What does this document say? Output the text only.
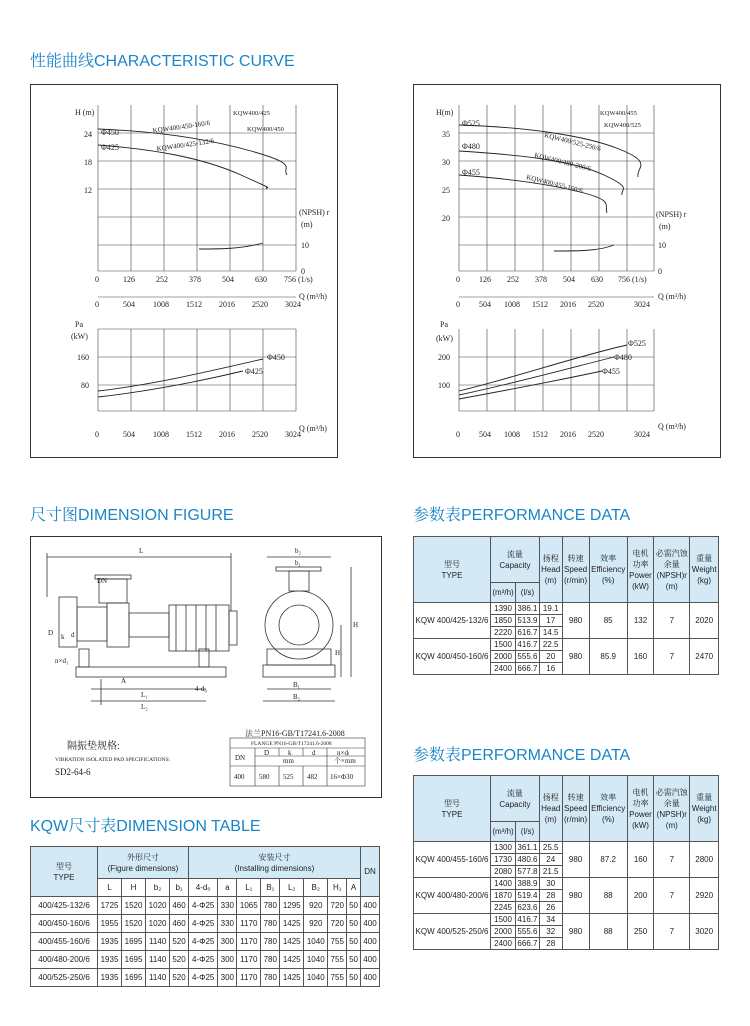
性能曲线CHARACTERISTIC CURVE
尺寸图DIMENSION FIGURE
KQW尺寸表DIMENSION TABLE
参数表PERFORMANCE DATA
参数表PERFORMANCE DATA
H (m)
24
18
12
Φ450
Φ425
KQW400/425
KQW400/450
KQW400/450-160/6
KQW400/425-132/6
(NPSH) r
(m)
10
0
0	126	252	378	504	630 756 (1/s)
0	504 1008 1512 2016 2520 3024
Q (m³/h)
Pa
(kW)
160
80
Φ450
Φ425
0	504 1008 1512 2016 2520 3024
Q (m³/h)
H(m)
35
30
25
20
Φ525
Φ480
Φ455
KQW400/455
KQW400/525
KQW400/525-250/6
KQW400/480-200/6
KQW400/455-160/6
(NPSH) r
(m)
10
0
0 126 252 378 504 630 756 (1/s)
0 504 1008 1512 2016 2520	3024
Q (m³/h)
Pa
(kW)
200
100
Φ525
Φ480
Φ455
0 504 1008 1512 2016 2520	3024
Q (m³/h)
L
DN
D k d
n×d₁
A
L₁
L₂
4-d₀
b₂
b₁
H
H₁
B₁
B₂
隔振垫规格:
VIBRATION ISOLATED PAD SPECIFICATIONS:
SD2-64-6
法兰PN16-GB/T17241.6-2008
FLANGE PN16-GB/T17241.6-2008
DN
D	k	d	n×dₗ
mm	个×mm
400 580 525 482 16×Φ30
型号
TYPE	外形尺寸
(Figure dimensions)				安装尺寸
(Installing dimensions)								DN
	L	H	b₂	b₁	4-d₀	a	L₁	B₁	L₂	B₂	H₁	A	
400/425-132/6	1725	1520	1020	460	4-Φ25	330	1065	780	1295	920	720	50	400
400/450-160/6	1955	1520	1020	460	4-Φ25	330	1170	780	1425	920	720	50	400
400/455-160/6	1935	1695	1140	520	4-Φ25	300	1170	780	1425	1040	755	50	400
400/480-200/6	1935	1695	1140	520	4-Φ25	300	1170	780	1425	1040	755	50	400
400/525-250/6	1935	1695	1140	520	4-Φ25	300	1170	780	1425	1040	755	50	400
型号
TYPE	流量
Capacity		扬程
Head
(m)	转速
Speed
(r/min)	效率
Efficiency
(%)	电机
功率
Power
(kW)	必需汽蚀
余量
(NPSH)r
(m)	重量
Weight
(kg)

	(m³/h)	(l/s)						
KQW 400/425-132/6	1390	386.1	19.1	980	85	132	7	2020
	1850	513.9	17					
	2220	616.7	14.5					
KQW 400/450-160/6	1500	416.7	22.5	980	85.9	160	7	2470
	2000	555.6	20					
	2400	666.7	16					
型号
TYPE	流量
Capacity		扬程
Head
(m)	转速
Speed
(r/min)	效率
Efficiency
(%)	电机
功率
Power
(kW)	必需汽蚀
余量
(NPSH)r
(m)	重量
Weight
(kg)

	(m³/h)	(l/s)						
KQW 400/455-160/6	1300	361.1	25.5	980	87.2	160	7	2800
	1730	480.6	24					
	2080	577.8	21.5					
KQW 400/480-200/6	1400	388.9	30	980	88	200	7	2920
	1870	519.4	28					
	2245	623.6	26					
KQW 400/525-250/6	1500	416.7	34	980	88	250	7	3020
	2000	555.6	32					
	2400	666.7	28					
